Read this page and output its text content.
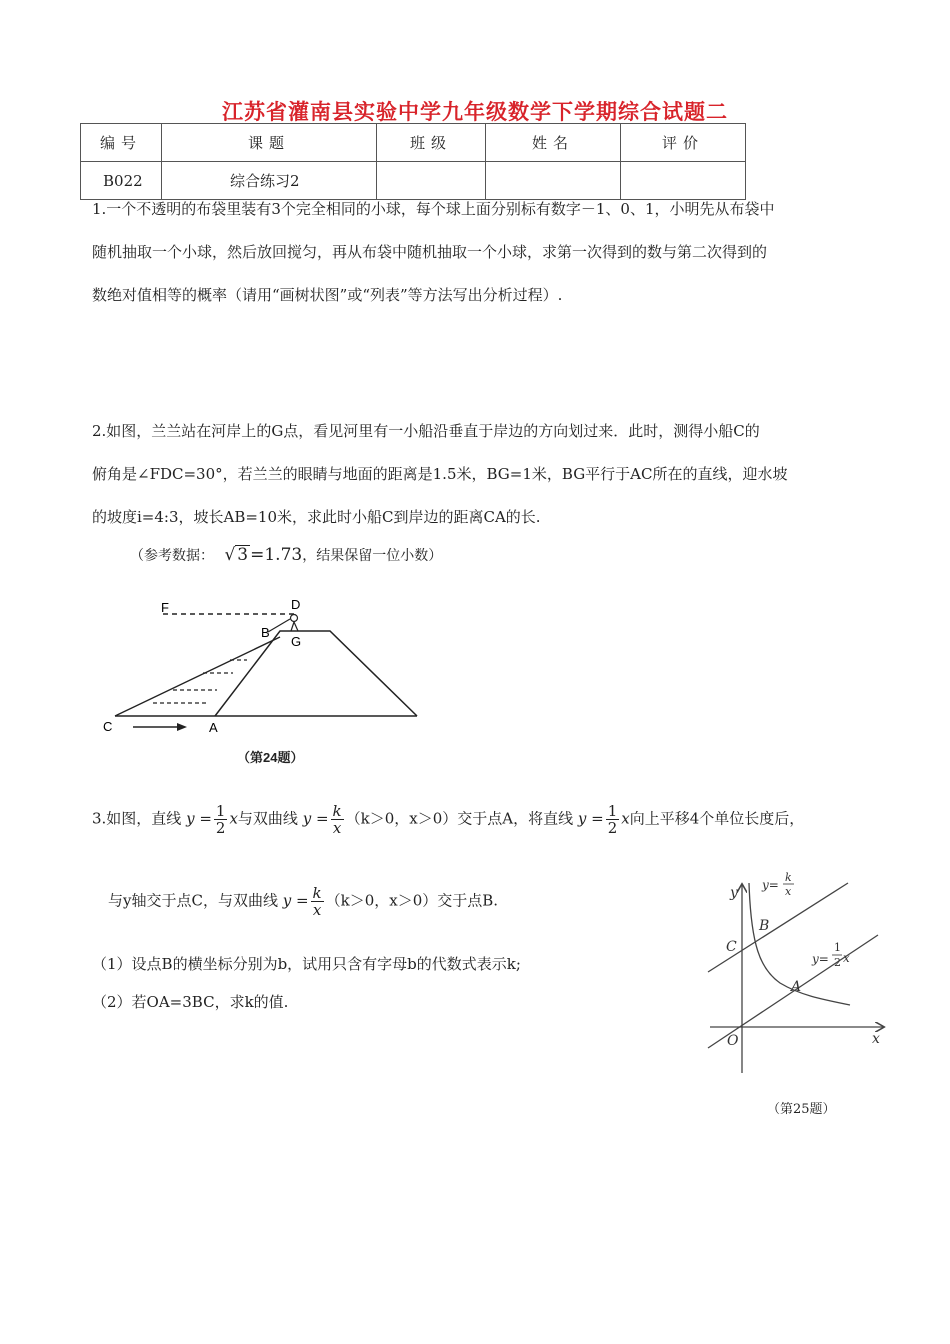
江苏省灌南县实验中学九年级数学下学期综合试题二
编号	课题	班级	姓名	评价
B022	综合练习2			
1.一个不透明的布袋里装有3个完全相同的小球，每个球上面分别标有数字－1、0、1，小明先从布袋中
随机抽取一个小球，然后放回搅匀，再从布袋中随机抽取一个小球，求第一次得到的数与第二次得到的
数绝对值相等的概率（请用“画树状图”或“列表”等方法写出分析过程）.
2.如图，兰兰站在河岸上的G点，看见河里有一小船沿垂直于岸边的方向划过来．此时，测得小船C的
俯角是∠FDC=30°，若兰兰的眼睛与地面的距离是1.5米，BG=1米，BG平行于AC所在的直线，迎水坡
的坡度i=4:3，坡长AB=10米，求此时小船C到岸边的距离CA的长.
（参考数据： √ 3 =1.73，结果保留一位小数）
F	D
B
G
C	A
（第24题）
3.如图，直线 $y = \frac{1}{2}$ x与双曲线 $y = \frac{k}{x} (k>0$，x＞0）交于点A，将直线 $y = \frac{1}{2}$ x向上平移4个单位长度后，
与y轴交于点C，与双曲线 $y = \frac{k}{x} (k>0$，x＞0）交于点B.
（1）设点B的横坐标分别为b，试用只含有字母b的代数式表示k;
（2）若OA=3BC，求k的值.
y
x
O
C
B
A
y=
k
x
y=
1
2 x
（第25题）
